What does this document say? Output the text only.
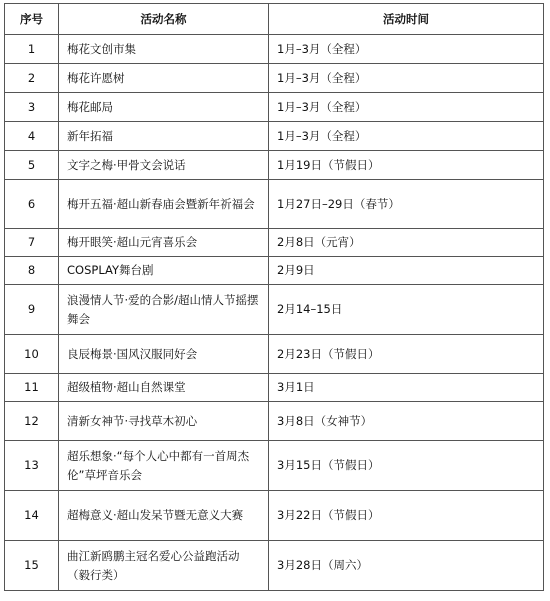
序号	活动名称	活动时间
1	梅花文创市集	1月–3月（全程）
2	梅花许愿树	1月–3月（全程）
3	梅花邮局	1月–3月（全程）
4	新年拓福	1月–3月（全程）
5	文字之梅·甲骨文会说话	1月19日（节假日）
6	梅开五福·超山新春庙会暨新年祈福会	1月27日–29日（春节）
7	梅开眼笑·超山元宵喜乐会	2月8日（元宵）
8	COSPLAY舞台剧	2月9日
9	浪漫情人节·爱的合影/超山情人节摇摆舞会	2月14–15日
10	良辰梅景·国风汉服同好会	2月23日（节假日）
11	超级植物·超山自然课堂	3月1日
12	清新女神节·寻找草木初心	3月8日（女神节）
13	超乐想象·“每个人心中都有一首周杰伦”草坪音乐会	3月15日（节假日）
14	超梅意义·超山发呆节暨无意义大赛	3月22日（节假日）
15	曲江新鸥鹏主冠名爱心公益跑活动（毅行类）	3月28日（周六）
